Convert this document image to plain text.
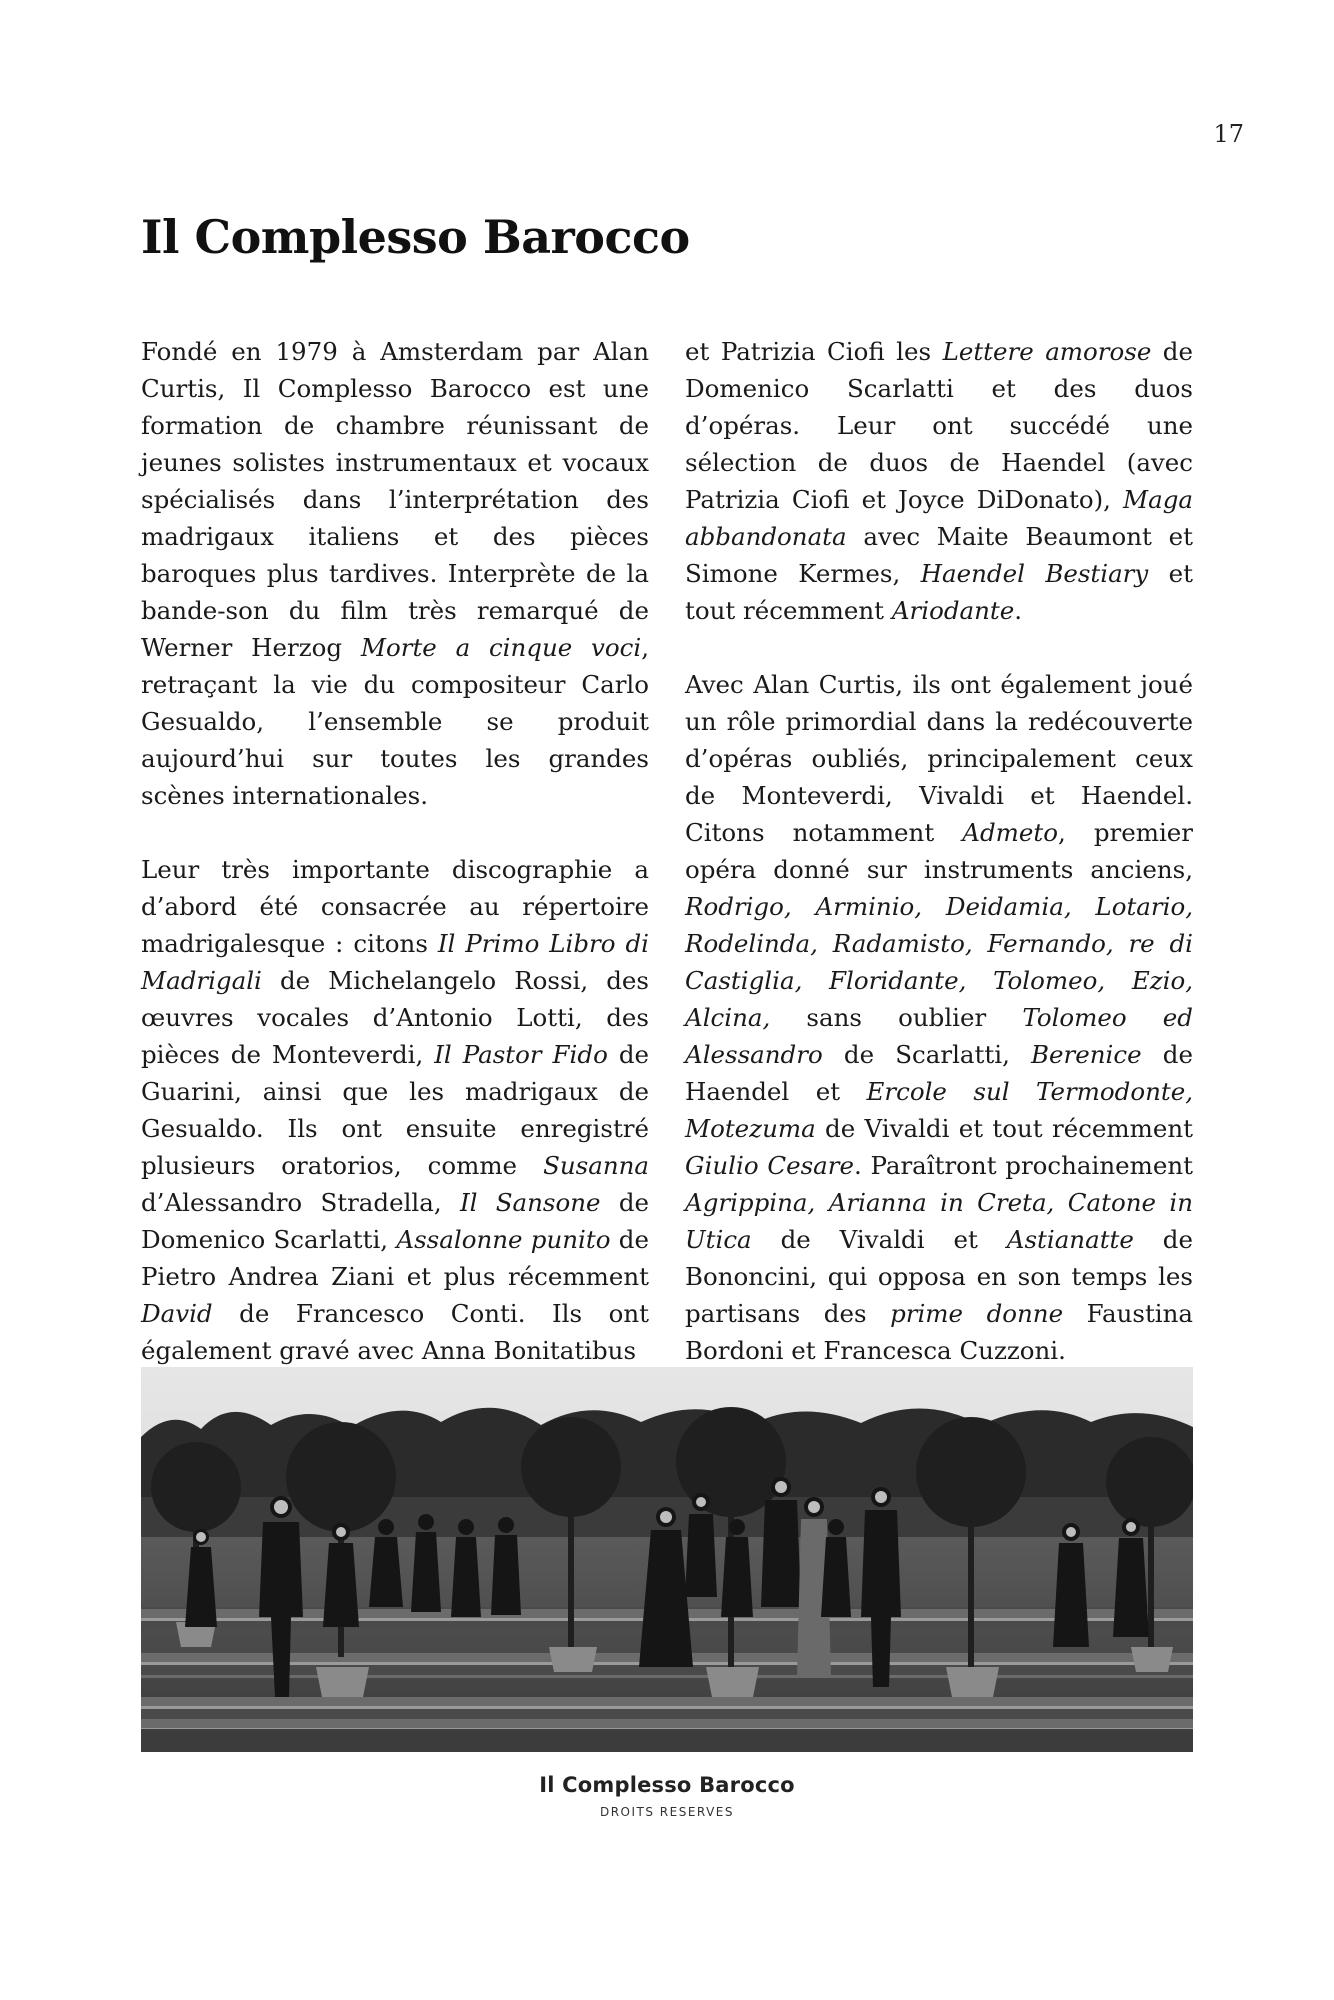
17
Il Complesso Barocco

Fondé en 1979 à Amsterdam par Alan Curtis, Il Complesso Barocco est une formation de chambre réunissant de jeunes solistes instrumentaux et vocaux spécialisés dans l’interprétation des madrigaux italiens et des pièces baroques plus tardives. Interprète de la bande-son du film très remarqué de Werner Herzog Morte a cinque voci, retraçant la vie du compositeur Carlo Gesualdo, l’ensemble se produit aujourd’hui sur toutes les grandes scènes internationales.

Leur très importante discographie a d’abord été consacrée au répertoire madrigalesque : citons Il Primo Libro di Madrigali de Michelangelo Rossi, des œuvres vocales d’Antonio Lotti, des pièces de Monteverdi, Il Pastor Fido de Guarini, ainsi que les madrigaux de Gesualdo. Ils ont ensuite enregistré plusieurs oratorios, comme Susanna d’Alessandro Stradella, Il Sansone de Domenico Scarlatti, Assalonne punito de Pietro Andrea Ziani et plus récemment David de Francesco Conti. Ils ont également gravé avec Anna Bonitatibus

et Patrizia Ciofi les Lettere amorose de Domenico Scarlatti et des duos d’opéras. Leur ont succédé une sélection de duos de Haendel (avec Patrizia Ciofi et Joyce DiDonato), Maga abbandonata avec Maite Beaumont et Simone Kermes, Haendel Bestiary et tout récemment Ariodante.

Avec Alan Curtis, ils ont également joué un rôle primordial dans la redécouverte d’opéras oubliés, principalement ceux de Monteverdi, Vivaldi et Haendel. Citons notamment Admeto, premier opéra donné sur instruments anciens, Rodrigo, Arminio, Deidamia, Lotario, Rodelinda, Radamisto, Fernando, re di Castiglia, Floridante, Tolomeo, Ezio, Alcina, sans oublier Tolomeo ed Alessandro de Scarlatti, Berenice de Haendel et Ercole sul Termodonte, Motezuma de Vivaldi et tout récemment Giulio Cesare. Paraîtront prochainement Agrippina, Arianna in Creta, Catone in Utica de Vivaldi et Astianatte de Bononcini, qui opposa en son temps les partisans des prime donne Faustina Bordoni et Francesca Cuzzoni.

Il Complesso Barocco
DROITS RESERVES
